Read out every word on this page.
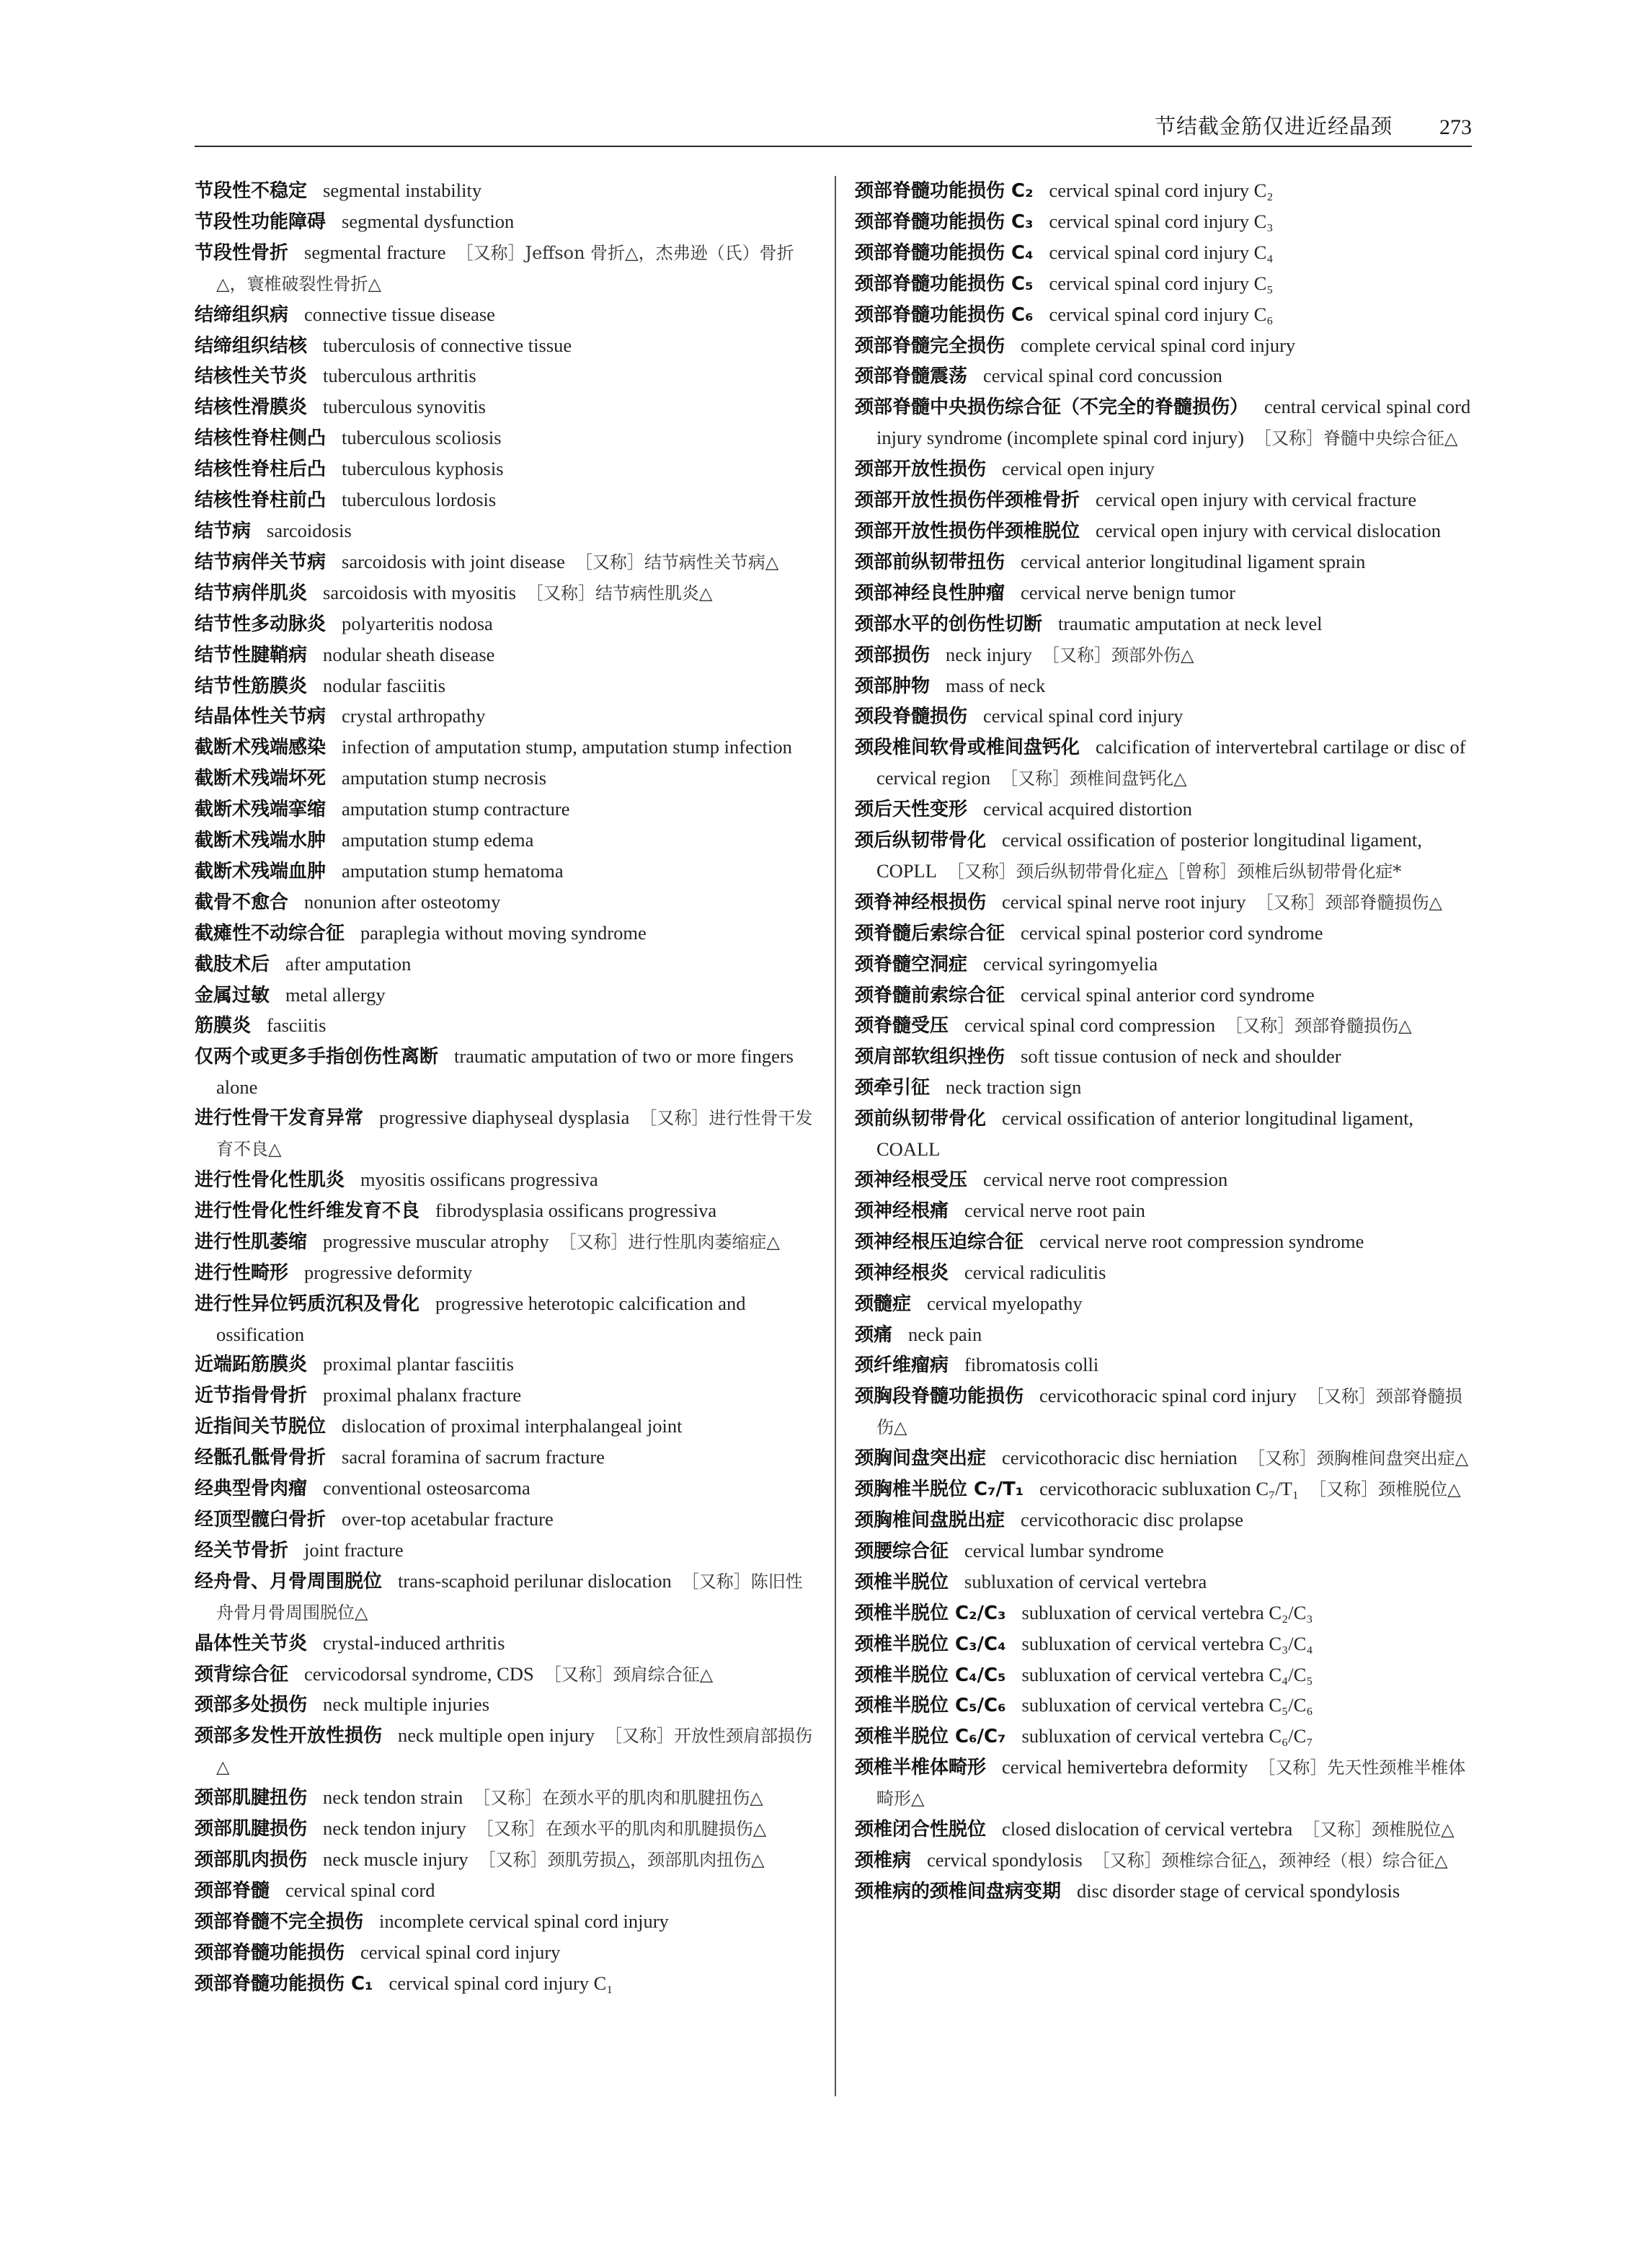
节结截金筋仅进近经晶颈 273
节段性不稳定 segmental instability
节段性功能障碍 segmental dysfunction
节段性骨折 segmental fracture ［又称］Jeffson 骨折△，杰弗逊（氏）骨折△，寰椎破裂性骨折△
结缔组织病 connective tissue disease
结缔组织结核 tuberculosis of connective tissue
结核性关节炎 tuberculous arthritis
结核性滑膜炎 tuberculous synovitis
结核性脊柱侧凸 tuberculous scoliosis
结核性脊柱后凸 tuberculous kyphosis
结核性脊柱前凸 tuberculous lordosis
结节病 sarcoidosis
结节病伴关节病 sarcoidosis with joint disease ［又称］结节病性关节病△
结节病伴肌炎 sarcoidosis with myositis ［又称］结节病性肌炎△
结节性多动脉炎 polyarteritis nodosa
结节性腱鞘病 nodular sheath disease
结节性筋膜炎 nodular fasciitis
结晶体性关节病 crystal arthropathy
截断术残端感染 infection of amputation stump, amputation stump infection
截断术残端坏死 amputation stump necrosis
截断术残端挛缩 amputation stump contracture
截断术残端水肿 amputation stump edema
截断术残端血肿 amputation stump hematoma
截骨不愈合 nonunion after osteotomy
截瘫性不动综合征 paraplegia without moving syndrome
截肢术后 after amputation
金属过敏 metal allergy
筋膜炎 fasciitis
仅两个或更多手指创伤性离断 traumatic amputation of two or more fingers alone
进行性骨干发育异常 progressive diaphyseal dysplasia ［又称］进行性骨干发育不良△
进行性骨化性肌炎 myositis ossificans progressiva
进行性骨化性纤维发育不良 fibrodysplasia ossificans progressiva
进行性肌萎缩 progressive muscular atrophy ［又称］进行性肌肉萎缩症△
进行性畸形 progressive deformity
进行性异位钙质沉积及骨化 progressive heterotopic calcification and ossification
近端跖筋膜炎 proximal plantar fasciitis
近节指骨骨折 proximal phalanx fracture
近指间关节脱位 dislocation of proximal interphalangeal joint
经骶孔骶骨骨折 sacral foramina of sacrum fracture
经典型骨肉瘤 conventional osteosarcoma
经顶型髋臼骨折 over-top acetabular fracture
经关节骨折 joint fracture
经舟骨、月骨周围脱位 trans-scaphoid perilunar dislocation ［又称］陈旧性舟骨月骨周围脱位△
晶体性关节炎 crystal-induced arthritis
颈背综合征 cervicodorsal syndrome, CDS ［又称］颈肩综合征△
颈部多处损伤 neck multiple injuries
颈部多发性开放性损伤 neck multiple open injury ［又称］开放性颈肩部损伤△
颈部肌腱扭伤 neck tendon strain ［又称］在颈水平的肌肉和肌腱扭伤△
颈部肌腱损伤 neck tendon injury ［又称］在颈水平的肌肉和肌腱损伤△
颈部肌肉损伤 neck muscle injury ［又称］颈肌劳损△，颈部肌肉扭伤△
颈部脊髓 cervical spinal cord
颈部脊髓不完全损伤 incomplete cervical spinal cord injury
颈部脊髓功能损伤 cervical spinal cord injury
颈部脊髓功能损伤 C₁ cervical spinal cord injury C₁
颈部脊髓功能损伤 C₂ cervical spinal cord injury C₂
颈部脊髓功能损伤 C₃ cervical spinal cord injury C₃
颈部脊髓功能损伤 C₄ cervical spinal cord injury C₄
颈部脊髓功能损伤 C₅ cervical spinal cord injury C₅
颈部脊髓功能损伤 C₆ cervical spinal cord injury C₆
颈部脊髓完全损伤 complete cervical spinal cord injury
颈部脊髓震荡 cervical spinal cord concussion
颈部脊髓中央损伤综合征（不完全的脊髓损伤） central cervical spinal cord injury syndrome (incomplete spinal cord injury) ［又称］脊髓中央综合征△
颈部开放性损伤 cervical open injury
颈部开放性损伤伴颈椎骨折 cervical open injury with cervical fracture
颈部开放性损伤伴颈椎脱位 cervical open injury with cervical dislocation
颈部前纵韧带扭伤 cervical anterior longitudinal ligament sprain
颈部神经良性肿瘤 cervical nerve benign tumor
颈部水平的创伤性切断 traumatic amputation at neck level
颈部损伤 neck injury ［又称］颈部外伤△
颈部肿物 mass of neck
颈段脊髓损伤 cervical spinal cord injury
颈段椎间软骨或椎间盘钙化 calcification of intervertebral cartilage or disc of cervical region ［又称］颈椎间盘钙化△
颈后天性变形 cervical acquired distortion
颈后纵韧带骨化 cervical ossification of posterior longitudinal ligament, COPLL ［又称］颈后纵韧带骨化症△［曾称］颈椎后纵韧带骨化症*
颈脊神经根损伤 cervical spinal nerve root injury ［又称］颈部脊髓损伤△
颈脊髓后索综合征 cervical spinal posterior cord syndrome
颈脊髓空洞症 cervical syringomyelia
颈脊髓前索综合征 cervical spinal anterior cord syndrome
颈脊髓受压 cervical spinal cord compression ［又称］颈部脊髓损伤△
颈肩部软组织挫伤 soft tissue contusion of neck and shoulder
颈牵引征 neck traction sign
颈前纵韧带骨化 cervical ossification of anterior longitudinal ligament, COALL
颈神经根受压 cervical nerve root compression
颈神经根痛 cervical nerve root pain
颈神经根压迫综合征 cervical nerve root compression syndrome
颈神经根炎 cervical radiculitis
颈髓症 cervical myelopathy
颈痛 neck pain
颈纤维瘤病 fibromatosis colli
颈胸段脊髓功能损伤 cervicothoracic spinal cord injury ［又称］颈部脊髓损伤△
颈胸间盘突出症 cervicothoracic disc herniation ［又称］颈胸椎间盘突出症△
颈胸椎半脱位 C₇/T₁ cervicothoracic subluxation C₇/T₁ ［又称］颈椎脱位△
颈胸椎间盘脱出症 cervicothoracic disc prolapse
颈腰综合征 cervical lumbar syndrome
颈椎半脱位 subluxation of cervical vertebra
颈椎半脱位 C₂/C₃ subluxation of cervical vertebra C₂/C₃
颈椎半脱位 C₃/C₄ subluxation of cervical vertebra C₃/C₄
颈椎半脱位 C₄/C₅ subluxation of cervical vertebra C₄/C₅
颈椎半脱位 C₅/C₆ subluxation of cervical vertebra C₅/C₆
颈椎半脱位 C₆/C₇ subluxation of cervical vertebra C₆/C₇
颈椎半椎体畸形 cervical hemivertebra deformity ［又称］先天性颈椎半椎体畸形△
颈椎闭合性脱位 closed dislocation of cervical vertebra ［又称］颈椎脱位△
颈椎病 cervical spondylosis ［又称］颈椎综合征△，颈神经（根）综合征△
颈椎病的颈椎间盘病变期 disc disorder stage of cervical spondylosis
